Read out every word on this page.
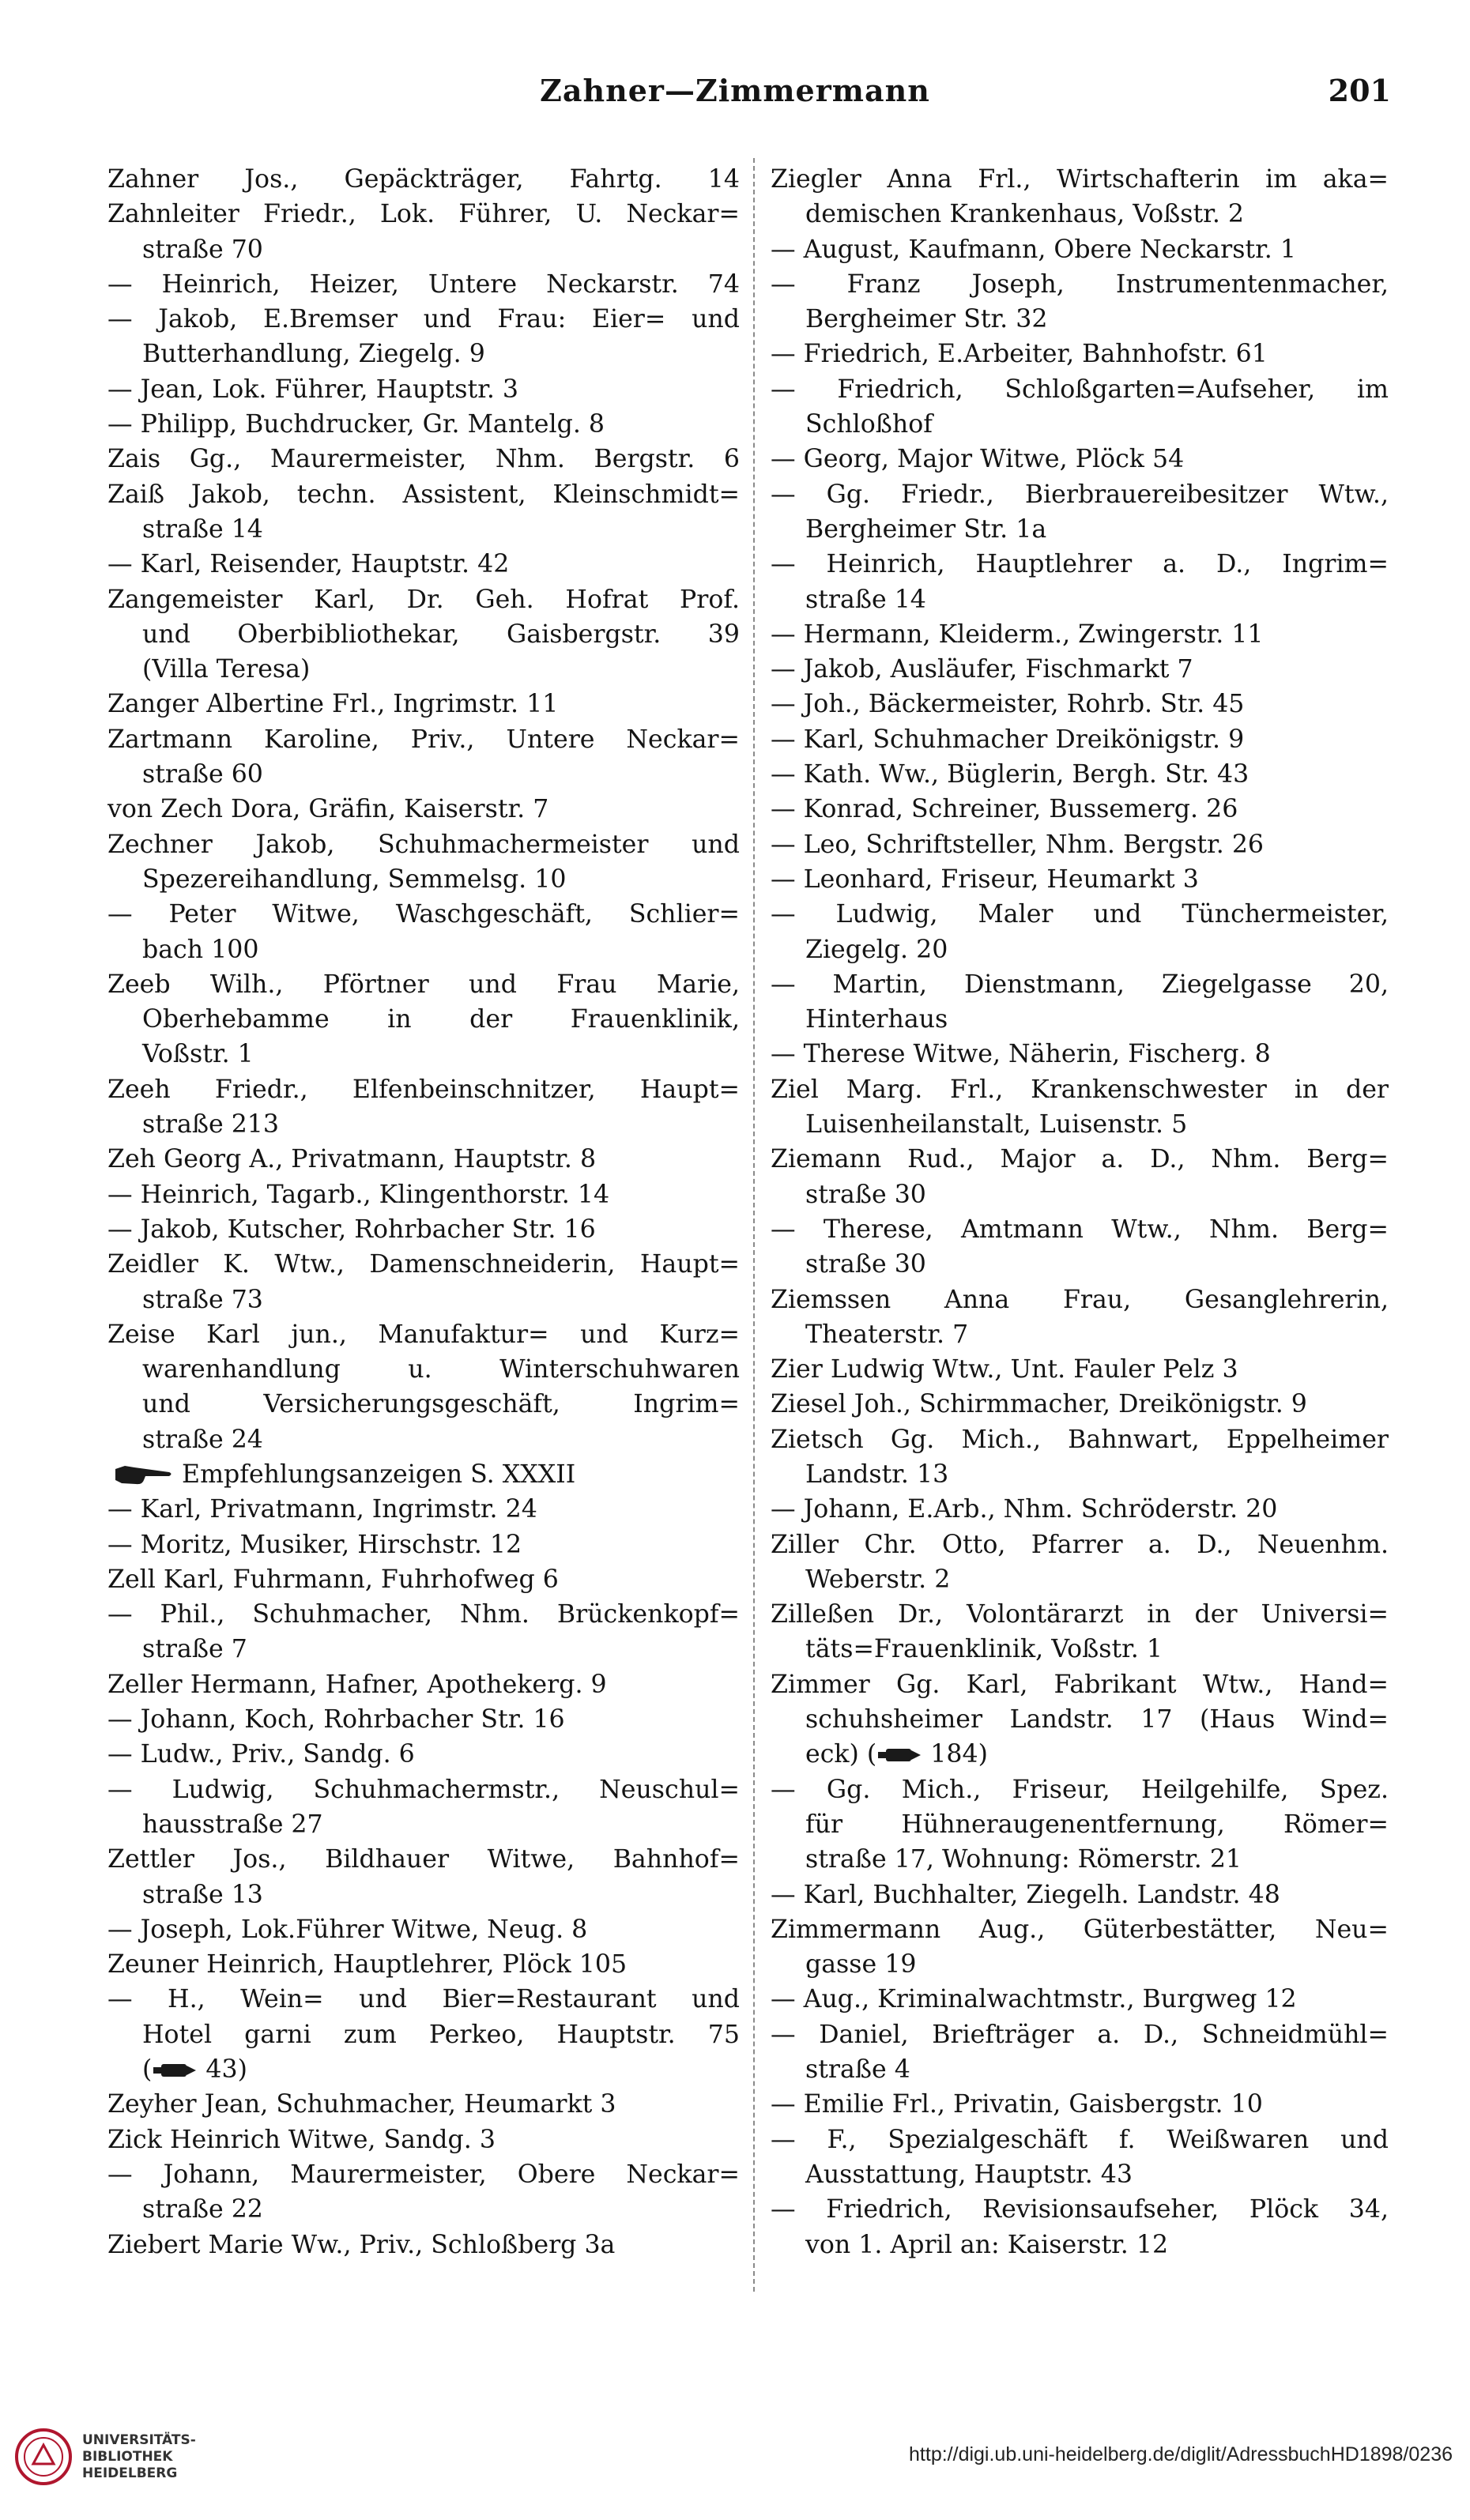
Zahner—Zimmermann	201
Zahner Jos., Gepäckträger, Fahrtg. 14
Zahnleiter Friedr., Lok. Führer, U. Neckar=
straße 70
— Heinrich, Heizer, Untere Neckarstr. 74
— Jakob, E.Bremser und Frau: Eier= und
Butterhandlung, Ziegelg. 9
— Jean, Lok. Führer, Hauptstr. 3
— Philipp, Buchdrucker, Gr. Mantelg. 8
Zais Gg., Maurermeister, Nhm. Bergstr. 6
Zaiß Jakob, techn. Assistent, Kleinschmidt=
straße 14
— Karl, Reisender, Hauptstr. 42
Zangemeister Karl, Dr. Geh. Hofrat Prof.
und Oberbibliothekar, Gaisbergstr. 39
(Villa Teresa)
Zanger Albertine Frl., Ingrimstr. 11
Zartmann Karoline, Priv., Untere Neckar=
straße 60
von Zech Dora, Gräfin, Kaiserstr. 7
Zechner Jakob, Schuhmachermeister und
Spezereihandlung, Semmelsg. 10
— Peter Witwe, Waschgeschäft, Schlier=
bach 100
Zeeb Wilh., Pförtner und Frau Marie,
Oberhebamme in der Frauenklinik,
Voßstr. 1
Zeeh Friedr., Elfenbeinschnitzer, Haupt=
straße 213
Zeh Georg A., Privatmann, Hauptstr. 8
— Heinrich, Tagarb., Klingenthorstr. 14
— Jakob, Kutscher, Rohrbacher Str. 16
Zeidler K. Wtw., Damenschneiderin, Haupt=
straße 73
Zeise Karl jun., Manufaktur= und Kurz=
warenhandlung u. Winterschuhwaren
und Versicherungsgeschäft, Ingrim=
straße 24
Empfehlungsanzeigen S. XXXII
— Karl, Privatmann, Ingrimstr. 24
— Moritz, Musiker, Hirschstr. 12
Zell Karl, Fuhrmann, Fuhrhofweg 6
— Phil., Schuhmacher, Nhm. Brückenkopf=
straße 7
Zeller Hermann, Hafner, Apothekerg. 9
— Johann, Koch, Rohrbacher Str. 16
— Ludw., Priv., Sandg. 6
— Ludwig, Schuhmachermstr., Neuschul=
hausstraße 27
Zettler Jos., Bildhauer Witwe, Bahnhof=
straße 13
— Joseph, Lok.Führer Witwe, Neug. 8
Zeuner Heinrich, Hauptlehrer, Plöck 105
— H., Wein= und Bier=Restaurant und
Hotel garni zum Perkeo, Hauptstr. 75
( 43)
Zeyher Jean, Schuhmacher, Heumarkt 3
Zick Heinrich Witwe, Sandg. 3
— Johann, Maurermeister, Obere Neckar=
straße 22
Ziebert Marie Ww., Priv., Schloßberg 3a
Ziegler Anna Frl., Wirtschafterin im aka=
demischen Krankenhaus, Voßstr. 2
— August, Kaufmann, Obere Neckarstr. 1
— Franz Joseph, Instrumentenmacher,
Bergheimer Str. 32
— Friedrich, E.Arbeiter, Bahnhofstr. 61
— Friedrich, Schloßgarten=Aufseher, im
Schloßhof
— Georg, Major Witwe, Plöck 54
— Gg. Friedr., Bierbrauereibesitzer Wtw.,
Bergheimer Str. 1a
— Heinrich, Hauptlehrer a. D., Ingrim=
straße 14
— Hermann, Kleiderm., Zwingerstr. 11
— Jakob, Ausläufer, Fischmarkt 7
— Joh., Bäckermeister, Rohrb. Str. 45
— Karl, Schuhmacher Dreikönigstr. 9
— Kath. Ww., Büglerin, Bergh. Str. 43
— Konrad, Schreiner, Bussemerg. 26
— Leo, Schriftsteller, Nhm. Bergstr. 26
— Leonhard, Friseur, Heumarkt 3
— Ludwig, Maler und Tünchermeister,
Ziegelg. 20
— Martin, Dienstmann, Ziegelgasse 20,
Hinterhaus
— Therese Witwe, Näherin, Fischerg. 8
Ziel Marg. Frl., Krankenschwester in der
Luisenheilanstalt, Luisenstr. 5
Ziemann Rud., Major a. D., Nhm. Berg=
straße 30
— Therese, Amtmann Wtw., Nhm. Berg=
straße 30
Ziemssen Anna Frau, Gesanglehrerin,
Theaterstr. 7
Zier Ludwig Wtw., Unt. Fauler Pelz 3
Ziesel Joh., Schirmmacher, Dreikönigstr. 9
Zietsch Gg. Mich., Bahnwart, Eppelheimer
Landstr. 13
— Johann, E.Arb., Nhm. Schröderstr. 20
Ziller Chr. Otto, Pfarrer a. D., Neuenhm.
Weberstr. 2
Zilleßen Dr., Volontärarzt in der Universi=
täts=Frauenklinik, Voßstr. 1
Zimmer Gg. Karl, Fabrikant Wtw., Hand=
schuhsheimer Landstr. 17 (Haus Wind=
eck) ( 184)
— Gg. Mich., Friseur, Heilgehilfe, Spez.
für Hühneraugenentfernung, Römer=
straße 17, Wohnung: Römerstr. 21
— Karl, Buchhalter, Ziegelh. Landstr. 48
Zimmermann Aug., Güterbestätter, Neu=
gasse 19
— Aug., Kriminalwachtmstr., Burgweg 12
— Daniel, Briefträger a. D., Schneidmühl=
straße 4
— Emilie Frl., Privatin, Gaisbergstr. 10
— F., Spezialgeschäft f. Weißwaren und
Ausstattung, Hauptstr. 43
— Friedrich, Revisionsaufseher, Plöck 34,
von 1. April an: Kaiserstr. 12
UNIVERSITÄTS-
BIBLIOTHEK
HEIDELBERG
http://digi.ub.uni-heidelberg.de/diglit/AdressbuchHD1898/0236
